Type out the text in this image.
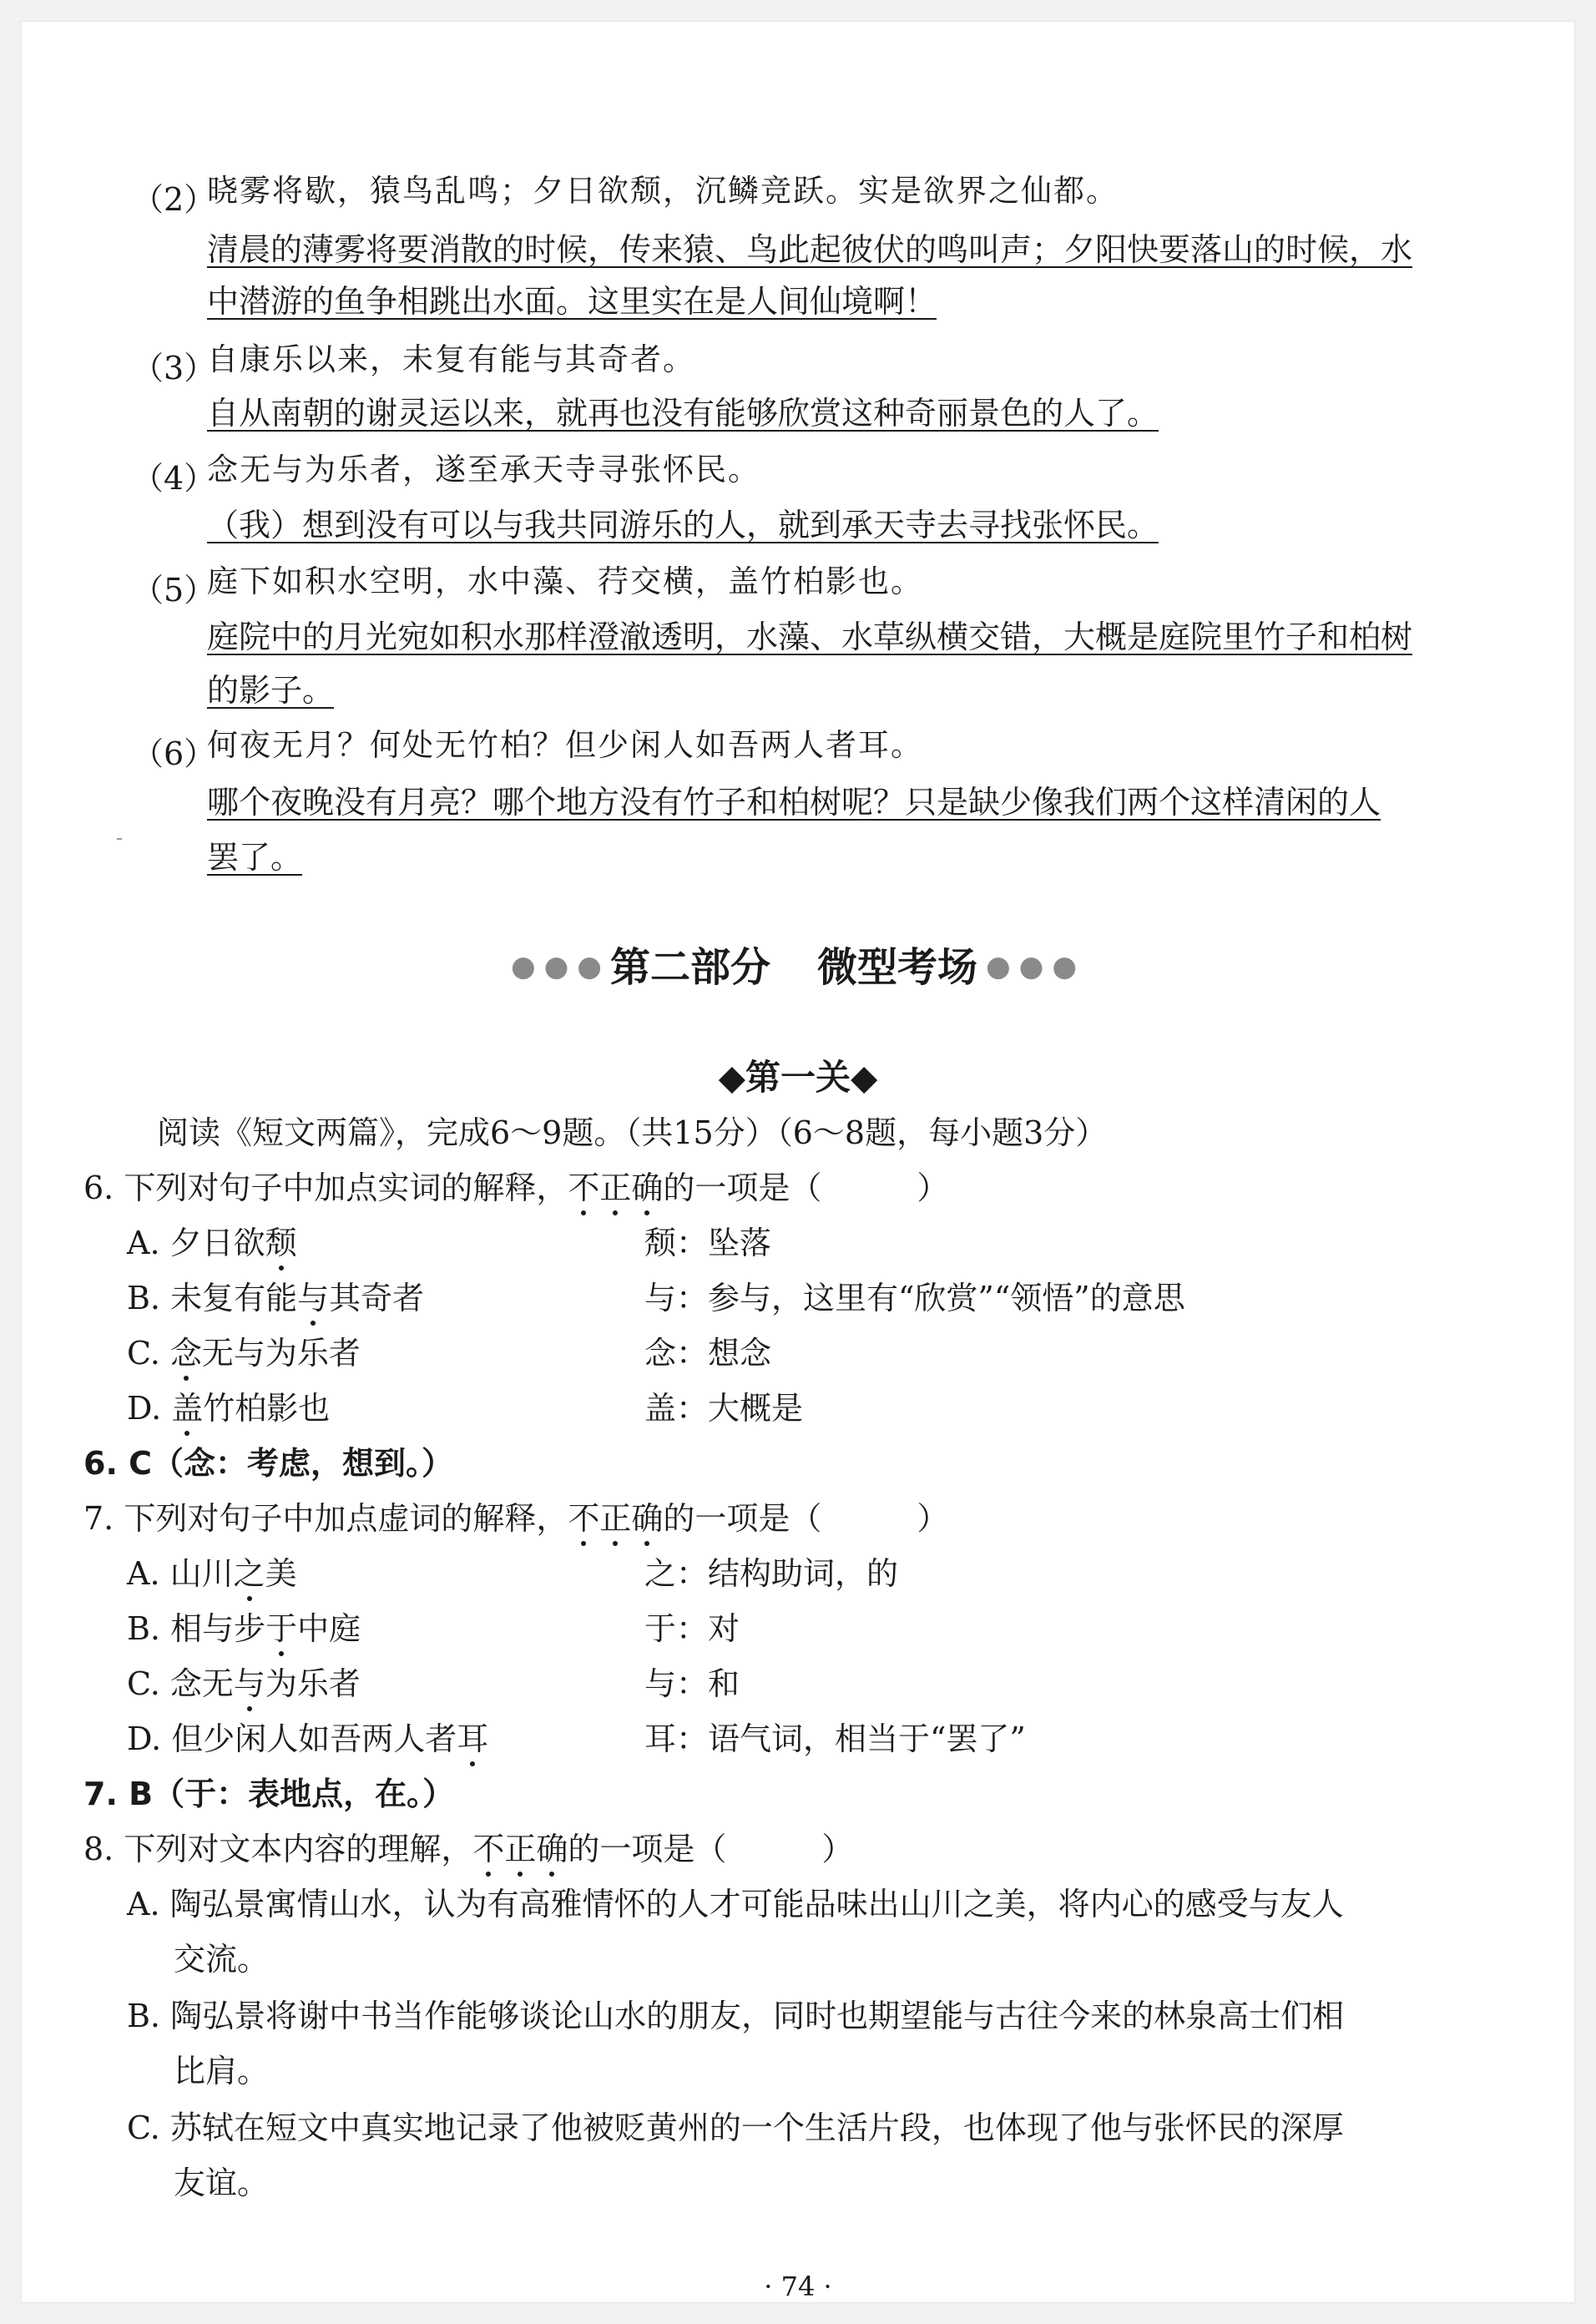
（2）
晓雾将歇，猿鸟乱鸣；夕日欲颓，沉鳞竞跃。实是欲界之仙都。
清晨的薄雾将要消散的时候，传来猿、鸟此起彼伏的鸣叫声；夕阳快要落山的时候，水
中潜游的鱼争相跳出水面。这里实在是人间仙境啊！
（3）
自康乐以来，未复有能与其奇者。
自从南朝的谢灵运以来，就再也没有能够欣赏这种奇丽景色的人了。
（4）
念无与为乐者，遂至承天寺寻张怀民。
（我）想到没有可以与我共同游乐的人，就到承天寺去寻找张怀民。
（5）
庭下如积水空明，水中藻、荇交横，盖竹柏影也。
庭院中的月光宛如积水那样澄澈透明，水藻、水草纵横交错，大概是庭院里竹子和柏树
的影子。
（6）
何夜无月？何处无竹柏？但少闲人如吾两人者耳。
哪个夜晚没有月亮？哪个地方没有竹子和柏树呢？只是缺少像我们两个这样清闲的人
罢了。
●●●第二部分 微型考场 ●●●
◆第一关◆
阅读《短文两篇》，完成6～9题。（共15分）（6～8题，每小题3分）
6. 下列对句子中加点实词的解释，不正确的一项是（　　　）
A. 夕日欲颓	颓：坠落
B. 未复有能与其奇者	与：参与，这里有“欣赏”“领悟”的意思
C. 念无与为乐者	念：想念
D. 盖竹柏影也	盖：大概是
6. C（念：考虑，想到。）
7. 下列对句子中加点虚词的解释，不正确的一项是（　　　）
A. 山川之美	之：结构助词，的
B. 相与步于中庭	于：对
C. 念无与为乐者	与：和
D. 但少闲人如吾两人者耳	耳：语气词，相当于“罢了”
7. B（于：表地点，在。）
8. 下列对文本内容的理解，不正确的一项是（　　　）
A. 陶弘景寓情山水，认为有高雅情怀的人才可能品味出山川之美，将内心的感受与友人
交流。
B. 陶弘景将谢中书当作能够谈论山水的朋友，同时也期望能与古往今来的林泉高士们相
比肩。
C. 苏轼在短文中真实地记录了他被贬黄州的一个生活片段，也体现了他与张怀民的深厚
友谊。
· 74 ·
